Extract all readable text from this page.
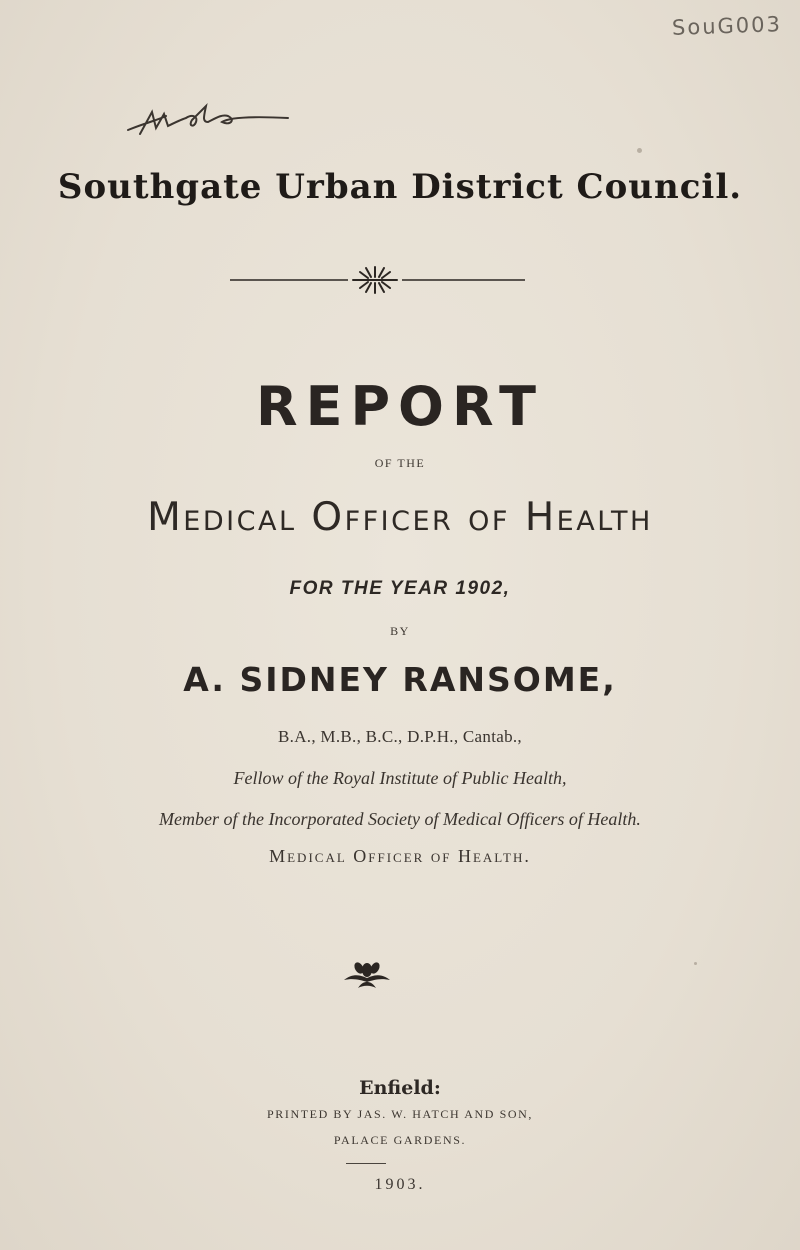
SouG003
Southgate Urban District Council.
REPORT
OF THE
Medical Officer of Health
FOR THE YEAR 1902,
BY
A. SIDNEY RANSOME,
B.A., M.B., B.C., D.P.H., Cantab.,
Fellow of the Royal Institute of Public Health,
Member of the Incorporated Society of Medical Officers of Health.
Medical Officer of Health.
Enfield:
PRINTED BY JAS. W. HATCH AND SON,
PALACE GARDENS.
1903.
